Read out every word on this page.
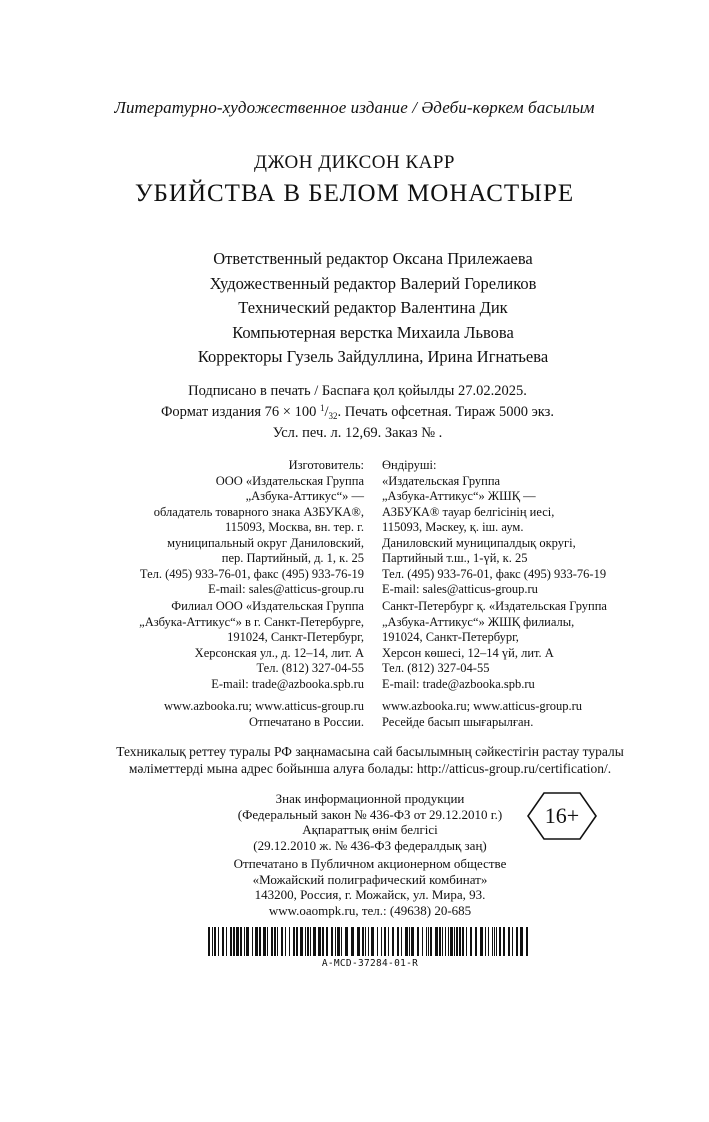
Литературно-художественное издание / Әдеби-көркем басылым
ДЖОН ДИКСОН КАРР
УБИЙСТВА В БЕЛОМ МОНАСТЫРЕ
Ответственный редактор Оксана Прилежаева
Художественный редактор Валерий Гореликов
Технический редактор Валентина Дик
Компьютерная верстка Михаила Львова
Корректоры Гузель Зайдуллина, Ирина Игнатьева
Подписано в печать / Баспаға қол қойылды 27.02.2025.
Формат издания 76 × 100 $^1/_{32}$. Печать офсетная. Тираж 5000 экз.
Усл. печ. л. 12,69. Заказ № .
Изготовитель:
ООО «Издательская Группа
„Азбука-Аттикус“» —
обладатель товарного знака АЗБУКА®,
115093, Москва, вн. тер. г.
муниципальный округ Даниловский,
пер. Партийный, д. 1, к. 25
Тел. (495) 933-76-01, факс (495) 933-76-19
E-mail: sales@atticus-group.ru
Өндіруші:
«Издательская Группа
„Азбука-Аттикус“» ЖШҚ —
АЗБУКА® тауар белгісінің иесі,
115093, Мәскеу, қ. іш. аум.
Даниловский муниципалдық округі,
Партийный т.ш., 1-үй, к. 25
Тел. (495) 933-76-01, факс (495) 933-76-19
E-mail: sales@atticus-group.ru
Филиал ООО «Издательская Группа
„Азбука-Аттикус“» в г. Санкт-Петербурге,
191024, Санкт-Петербург,
Херсонская ул., д. 12–14, лит. А
Тел. (812) 327-04-55
E-mail: trade@azbooka.spb.ru
Санкт-Петербург қ. «Издательская Группа
„Азбука-Аттикус“» ЖШҚ филиалы,
191024, Санкт-Петербург,
Херсон көшесі, 12–14 үй, лит. А
Тел. (812) 327-04-55
E-mail: trade@azbooka.spb.ru
www.azbooka.ru; www.atticus-group.ru
Отпечатано в России.
www.azbooka.ru; www.atticus-group.ru
Ресейде басып шығарылған.
Техникалық реттеу туралы РФ заңнамасына сай басылымның сәйкестігін растау туралы
мәліметтерді мына адрес бойынша алуға болады: http://atticus-group.ru/certification/.
Знак информационной продукции
(Федеральный закон № 436-ФЗ от 29.12.2010 г.)
Ақпараттық өнім белгісі
(29.12.2010 ж. № 436-ФЗ федералдық заң)
16+
Отпечатано в Публичном акционерном обществе
«Можайский полиграфический комбинат»
143200, Россия, г. Можайск, ул. Мира, 93.
www.oaompk.ru, тел.: (49638) 20-685
A-MCD-37284-01-R
